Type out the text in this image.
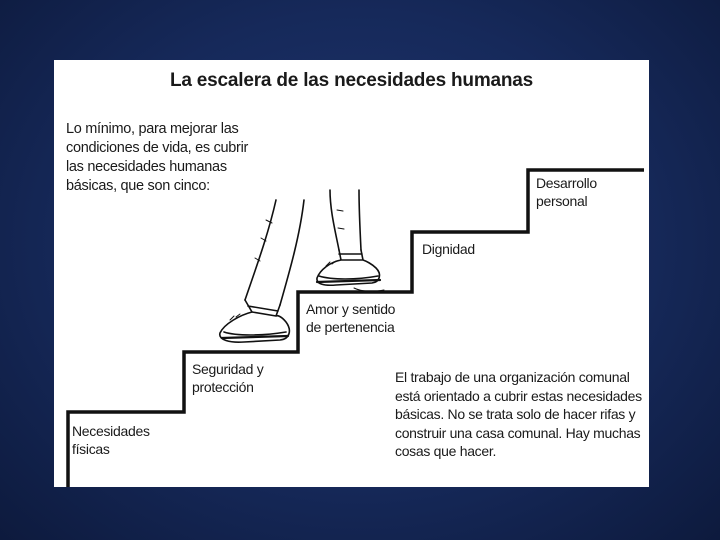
La escalera de las necesidades humanas
Lo mínimo, para mejorar las condiciones de vida, es cubrir las necesidades humanas básicas, que son cinco:
Necesidades
físicas
Seguridad y
protección
Amor y sentido
de pertenencia
Dignidad
Desarrollo
personal
El trabajo de una organización comunal está orientado a cubrir estas necesidades básicas. No se trata solo de hacer rifas y construir una casa comunal. Hay muchas cosas que hacer.
